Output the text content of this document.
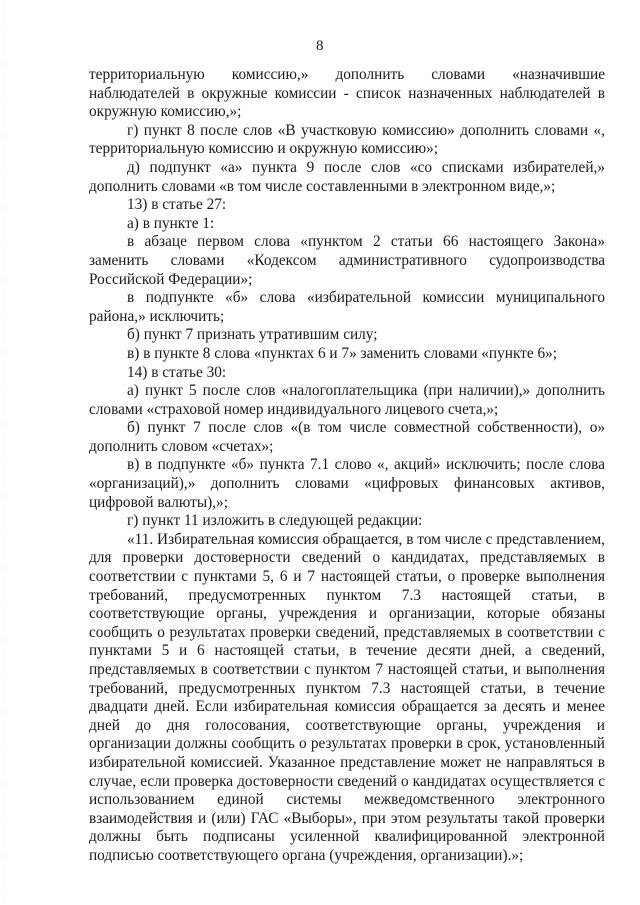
8

территориальную комиссию,» дополнить словами «назначившие наблюдателей в окружные комиссии - список назначенных наблюдателей в окружную комиссию,»;

г) пункт 8 после слов «В участковую комиссию» дополнить словами «, территориальную комиссию и окружную комиссию»;

д) подпункт «а» пункта 9 после слов «со списками избирателей,» дополнить словами «в том числе составленными в электронном виде,»;

13) в статье 27:

а) в пункте 1:

в абзаце первом слова «пунктом 2 статьи 66 настоящего Закона» заменить словами «Кодексом административного судопроизводства Российской Федерации»;

в подпункте «б» слова «избирательной комиссии муниципального района,» исключить;

б) пункт 7 признать утратившим силу;

в) в пункте 8 слова «пунктах 6 и 7» заменить словами «пункте 6»;

14) в статье 30:

а) пункт 5 после слов «налогоплательщика (при наличии),» дополнить словами «страховой номер индивидуального лицевого счета,»;

б) пункт 7 после слов «(в том числе совместной собственности), о» дополнить словом «счетах»;

в) в подпункте «б» пункта 7.1 слово «, акций» исключить; после слова «организаций),» дополнить словами «цифровых финансовых активов, цифровой валюты),»;

г) пункт 11 изложить в следующей редакции:

«11. Избирательная комиссия обращается, в том числе с представлением, для проверки достоверности сведений о кандидатах, представляемых в соответствии с пунктами 5, 6 и 7 настоящей статьи, о проверке выполнения требований, предусмотренных пунктом 7.3 настоящей статьи, в соответствующие органы, учреждения и организации, которые обязаны сообщить о результатах проверки сведений, представляемых в соответствии с пунктами 5 и 6 настоящей статьи, в течение десяти дней, а сведений, представляемых в соответствии с пунктом 7 настоящей статьи, и выполнения требований, предусмотренных пунктом 7.3 настоящей статьи, в течение двадцати дней. Если избирательная комиссия обращается за десять и менее дней до дня голосования, соответствующие органы, учреждения и организации должны сообщить о результатах проверки в срок, установленный избирательной комиссией. Указанное представление может не направляться в случае, если проверка достоверности сведений о кандидатах осуществляется с использованием единой системы межведомственного электронного взаимодействия и (или) ГАС «Выборы», при этом результаты такой проверки должны быть подписаны усиленной квалифицированной электронной подписью соответствующего органа (учреждения, организации).»;
